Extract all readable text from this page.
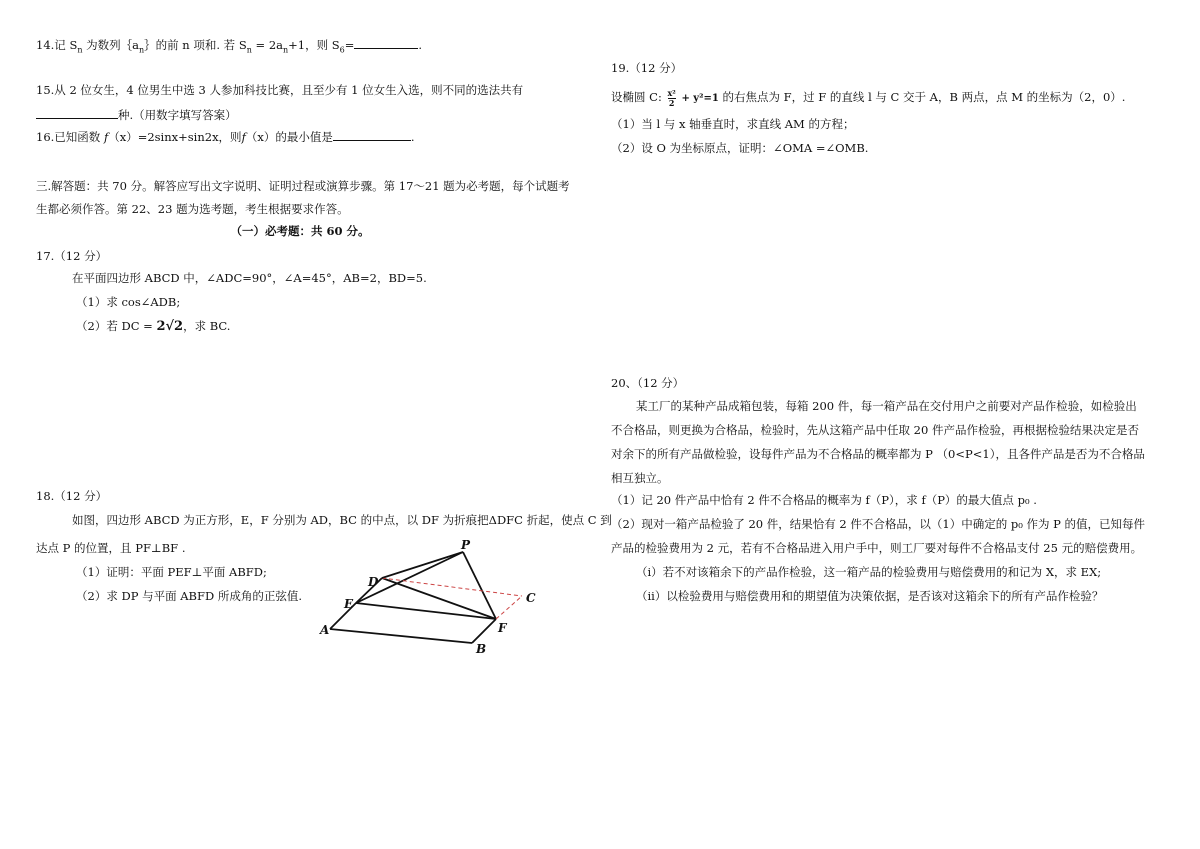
14.记 $S_n$ 为数列$\{a_n\}$的前 n 项和. 若 $S_n = 2a_n+1$，则 $S_6=$	.
15.从 2 位女生，4 位男生中选 3 人参加科技比赛，且至少有 1 位女生入选，则不同的选法共有
种.（用数字填写答案）
16.已知函数 f（x）=2sinx+sin2x，则f（x）的最小值是	.
三.解答题：共 70 分。解答应写出文字说明、证明过程或演算步骤。第 17～21 题为必考题，每个试题考
生都必须作答。第 22、23 题为选考题，考生根据要求作答。
（一）必考题：共 60 分。
17.（12 分）
在平面四边形 ABCD 中，∠ADC=90°，∠A=45°，AB=2，BD=5.
（1）求 cos∠ADB;
（2）若 DC = 2√2，求 BC.
18.（12 分）
如图，四边形 ABCD 为正方形，E，F 分别为 AD，BC 的中点，以 DF 为折痕把ΔDFC 折起，使点 C 到
达点 P 的位置，且 PF⊥BF .
（1）证明：平面 PEF⊥平面 ABFD;
（2）求 DP 与平面 ABFD 所成角的正弦值.
P
D
E	C
A	F
B
19.（12 分）
设椭圆 C: $\frac{\text{x²}}{2} + y^2=1$ 的右焦点为 F，过 F 的直线 l 与 C 交于 A，B 两点，点 M 的坐标为（2，0）.
（1）当 l 与 x 轴垂直时，求直线 AM 的方程；
（2）设 O 为坐标原点，证明：∠OMA =∠OMB.
20、（12 分）
某工厂的某种产品成箱包装，每箱 200 件，每一箱产品在交付用户之前要对产品作检验，如检验出
不合格品，则更换为合格品，检验时，先从这箱产品中任取 20 件产品作检验，再根据检验结果决定是否
对余下的所有产品做检验，设每件产品为不合格品的概率都为 P （0<P<1），且各件产品是否为不合格品
相互独立。
（1）记 20 件产品中恰有 2 件不合格品的概率为 f（P），求 f（P）的最大值点 p₀ .
（2）现对一箱产品检验了 20 件，结果恰有 2 件不合格品，以（1）中确定的 p₀ 作为 P 的值，已知每件
产品的检验费用为 2 元，若有不合格品进入用户手中，则工厂要对每件不合格品支付 25 元的赔偿费用。
（i）若不对该箱余下的产品作检验，这一箱产品的检验费用与赔偿费用的和记为 X，求 EX;
（ii）以检验费用与赔偿费用和的期望值为决策依据，是否该对这箱余下的所有产品作检验？
